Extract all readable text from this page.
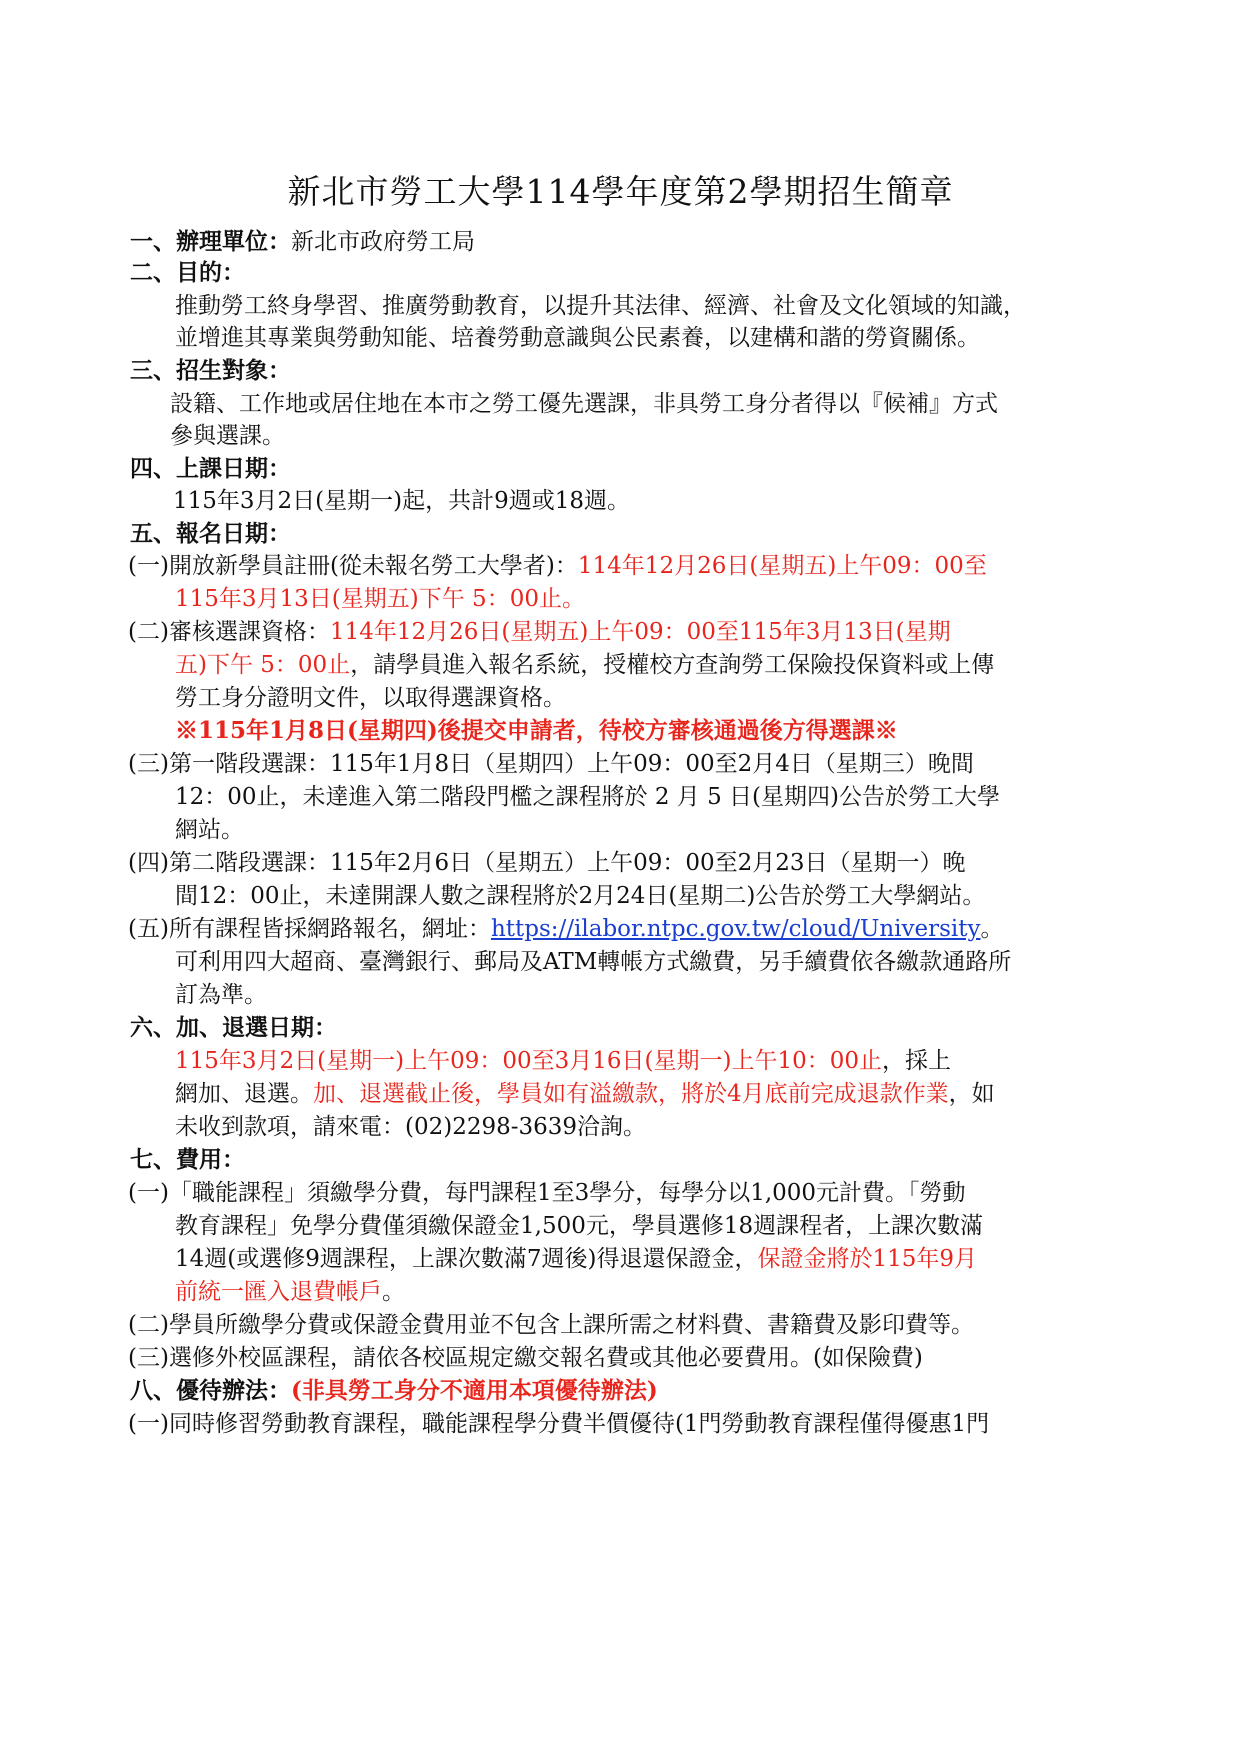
新北市勞工大學114學年度第2學期招生簡章
一、辦理單位：新北市政府勞工局
二、目的：
推動勞工終身學習、推廣勞動教育，以提升其法律、經濟、社會及文化領域的知識，
並增進其專業與勞動知能、培養勞動意識與公民素養，以建構和諧的勞資關係。
三、招生對象：
設籍、工作地或居住地在本市之勞工優先選課，非具勞工身分者得以『候補』方式
參與選課。
四、上課日期：
115年3月2日(星期一)起，共計9週或18週。
五、報名日期：
(一)開放新學員註冊(從未報名勞工大學者)：114年12月26日(星期五)上午09：00至
115年3月13日(星期五)下午 5：00止。
(二)審核選課資格：114年12月26日(星期五)上午09：00至115年3月13日(星期
五)下午 5：00止，請學員進入報名系統，授權校方查詢勞工保險投保資料或上傳
勞工身分證明文件，以取得選課資格。
※115年1月8日(星期四)後提交申請者，待校方審核通過後方得選課※
(三)第一階段選課：115年1月8日（星期四）上午09：00至2月4日（星期三）晚間
12：00止，未達進入第二階段門檻之課程將於 2 月 5 日(星期四)公告於勞工大學
網站。
(四)第二階段選課：115年2月6日（星期五）上午09：00至2月23日（星期一）晚
間12：00止，未達開課人數之課程將於2月24日(星期二)公告於勞工大學網站。
(五)所有課程皆採網路報名，網址：https://ilabor.ntpc.gov.tw/cloud/University。
可利用四大超商、臺灣銀行、郵局及ATM轉帳方式繳費，另手續費依各繳款通路所
訂為準。
六、加、退選日期：
115年3月2日(星期一)上午09：00至3月16日(星期一)上午10：00止，採上
網加、退選。加、退選截止後，學員如有溢繳款，將於4月底前完成退款作業，如
未收到款項，請來電：(02)2298-3639洽詢。
七、費用：
(一)「職能課程」須繳學分費，每門課程1至3學分，每學分以1,000元計費。「勞動
教育課程」免學分費僅須繳保證金1,500元，學員選修18週課程者，上課次數滿
14週(或選修9週課程，上課次數滿7週後)得退還保證金，保證金將於115年9月
前統一匯入退費帳戶。
(二)學員所繳學分費或保證金費用並不包含上課所需之材料費、書籍費及影印費等。
(三)選修外校區課程，請依各校區規定繳交報名費或其他必要費用。(如保險費)
八、優待辦法：(非具勞工身分不適用本項優待辦法)
(一)同時修習勞動教育課程，職能課程學分費半價優待(1門勞動教育課程僅得優惠1門
